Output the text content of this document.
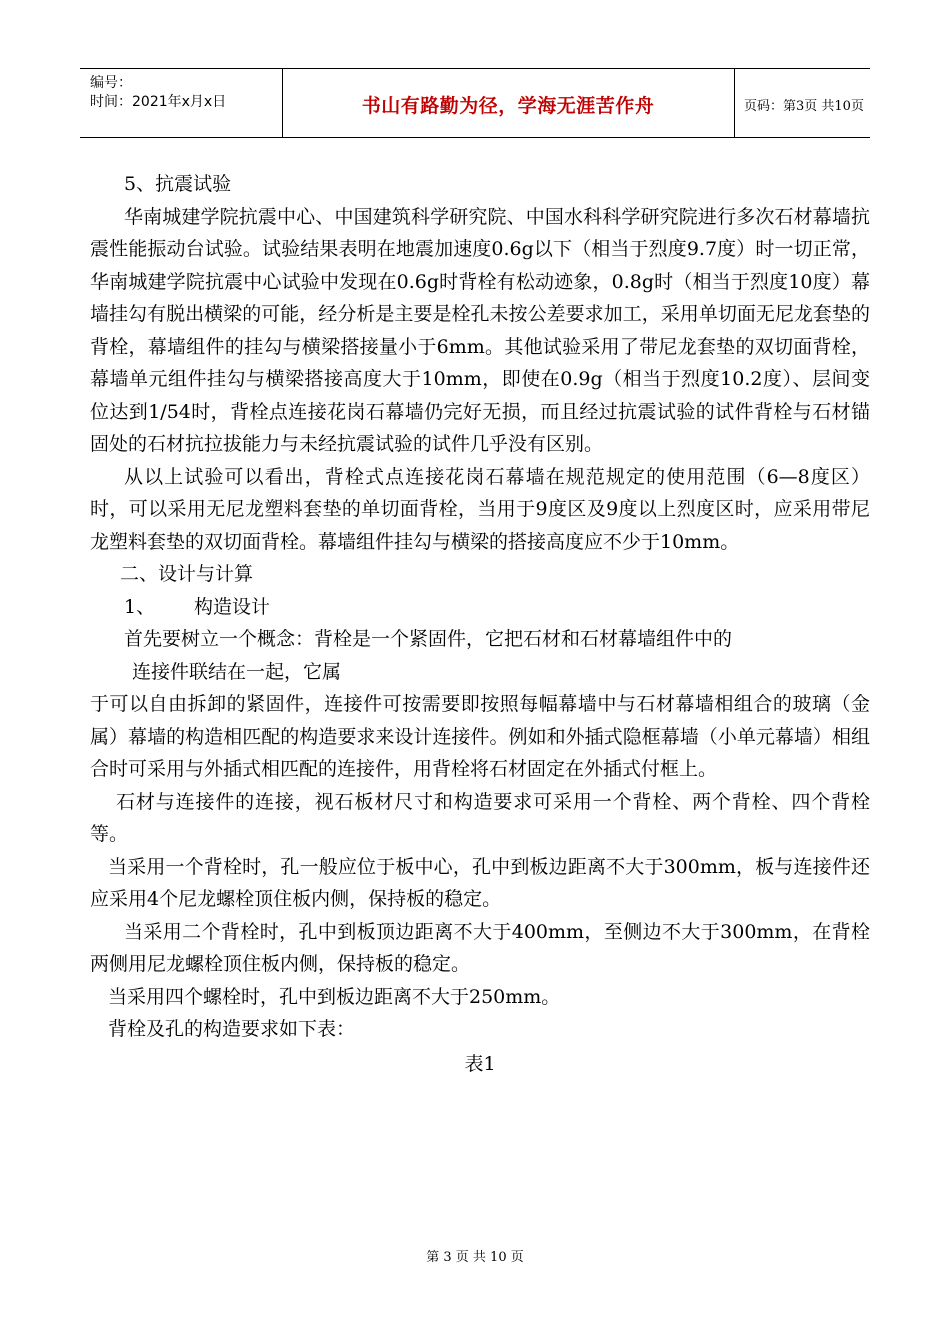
编号：
时间：2021年x月x日	书山有路勤为径，学海无涯苦作舟	页码：第3页 共10页

5、抗震试验

华南城建学院抗震中心、中国建筑科学研究院、中国水科科学研究院进行多次石材幕墙抗震性能振动台试验。试验结果表明在地震加速度0.6g以下（相当于烈度9.7度）时一切正常，华南城建学院抗震中心试验中发现在0.6g时背栓有松动迹象，0.8g时（相当于烈度10度）幕墙挂勾有脱出横梁的可能，经分析是主要是栓孔未按公差要求加工，采用单切面无尼龙套垫的背栓，幕墙组件的挂勾与横梁搭接量小于6mm。其他试验采用了带尼龙套垫的双切面背栓，幕墙单元组件挂勾与横梁搭接高度大于10mm，即使在0.9g（相当于烈度10.2度）、层间变位达到1/54时，背栓点连接花岗石幕墙仍完好无损，而且经过抗震试验的试件背栓与石材锚固处的石材抗拉拔能力与未经抗震试验的试件几乎没有区别。

从以上试验可以看出，背栓式点连接花岗石幕墙在规范规定的使用范围（6—8度区）时，可以采用无尼龙塑料套垫的单切面背栓，当用于9度区及9度以上烈度区时，应采用带尼龙塑料套垫的双切面背栓。幕墙组件挂勾与横梁的搭接高度应不少于10mm。

二、设计与计算

1、 构造设计

首先要树立一个概念：背栓是一个紧固件，它把石材和石材幕墙组件中的

连接件联结在一起，它属

于可以自由拆卸的紧固件，连接件可按需要即按照每幅幕墙中与石材幕墙相组合的玻璃（金属）幕墙的构造相匹配的构造要求来设计连接件。例如和外插式隐框幕墙（小单元幕墙）相组合时可采用与外插式相匹配的连接件，用背栓将石材固定在外插式付框上。

石材与连接件的连接，视石板材尺寸和构造要求可采用一个背栓、两个背栓、四个背栓等。

当采用一个背栓时，孔一般应位于板中心，孔中到板边距离不大于300mm，板与连接件还应采用4个尼龙螺栓顶住板内侧，保持板的稳定。

当采用二个背栓时，孔中到板顶边距离不大于400mm，至侧边不大于300mm，在背栓两侧用尼龙螺栓顶住板内侧，保持板的稳定。

当采用四个螺栓时，孔中到板边距离不大于250mm。

背栓及孔的构造要求如下表：

表1

第 3 页 共 10 页
